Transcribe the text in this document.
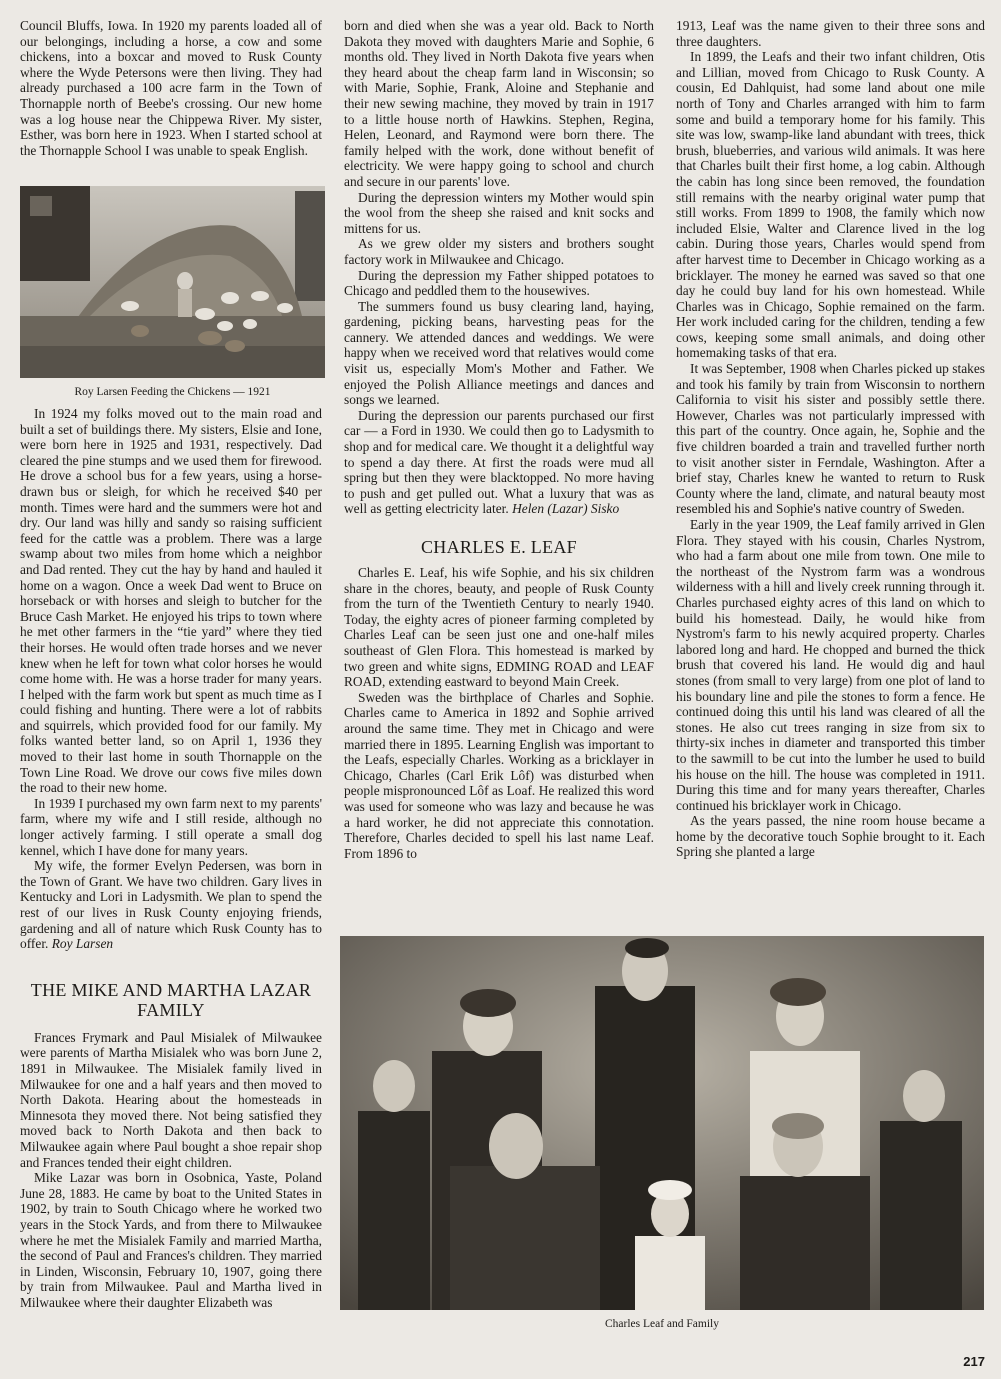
Council Bluffs, Iowa. In 1920 my parents loaded all of our belongings, including a horse, a cow and some chickens, into a boxcar and moved to Rusk County where the Wyde Petersons were then living. They had already purchased a 100 acre farm in the Town of Thornapple north of Beebe's crossing. Our new home was a log house near the Chippewa River. My sister, Esther, was born here in 1923. When I started school at the Thornapple School I was unable to speak English.

Roy Larsen Feeding the Chickens — 1921

In 1924 my folks moved out to the main road and built a set of buildings there. My sisters, Elsie and Ione, were born here in 1925 and 1931, respectively. Dad cleared the pine stumps and we used them for firewood. He drove a school bus for a few years, using a horse-drawn bus or sleigh, for which he received $40 per month. Times were hard and the summers were hot and dry. Our land was hilly and sandy so raising sufficient feed for the cattle was a problem. There was a large swamp about two miles from home which a neighbor and Dad rented. They cut the hay by hand and hauled it home on a wagon. Once a week Dad went to Bruce on horseback or with horses and sleigh to butcher for the Bruce Cash Market. He enjoyed his trips to town where he met other farmers in the “tie yard” where they tied their horses. He would often trade horses and we never knew when he left for town what color horses he would come home with. He was a horse trader for many years. I helped with the farm work but spent as much time as I could fishing and hunting. There were a lot of rabbits and squirrels, which provided food for our family. My folks wanted better land, so on April 1, 1936 they moved to their last home in south Thornapple on the Town Line Road. We drove our cows five miles down the road to their new home.

In 1939 I purchased my own farm next to my parents' farm, where my wife and I still reside, although no longer actively farming. I still operate a small dog kennel, which I have done for many years.

My wife, the former Evelyn Pedersen, was born in the Town of Grant. We have two children. Gary lives in Kentucky and Lori in Ladysmith. We plan to spend the rest of our lives in Rusk County enjoying friends, gardening and all of nature which Rusk County has to offer. Roy Larsen

THE MIKE AND MARTHA LAZAR FAMILY

Frances Frymark and Paul Misialek of Milwaukee were parents of Martha Misialek who was born June 2, 1891 in Milwaukee. The Misialek family lived in Milwaukee for one and a half years and then moved to North Dakota. Hearing about the homesteads in Minnesota they moved there. Not being satisfied they moved back to North Dakota and then back to Milwaukee again where Paul bought a shoe repair shop and Frances tended their eight children.

Mike Lazar was born in Osobnica, Yaste, Poland June 28, 1883. He came by boat to the United States in 1902, by train to South Chicago where he worked two years in the Stock Yards, and from there to Milwaukee where he met the Misialek Family and married Martha, the second of Paul and Frances's children. They married in Linden, Wisconsin, February 10, 1907, going there by train from Milwaukee. Paul and Martha lived in Milwaukee where their daughter Elizabeth was

born and died when she was a year old. Back to North Dakota they moved with daughters Marie and Sophie, 6 months old. They lived in North Dakota five years when they heard about the cheap farm land in Wisconsin; so with Marie, Sophie, Frank, Aloine and Stephanie and their new sewing machine, they moved by train in 1917 to a little house north of Hawkins. Stephen, Regina, Helen, Leonard, and Raymond were born there. The family helped with the work, done without benefit of electricity. We were happy going to school and church and secure in our parents' love.

During the depression winters my Mother would spin the wool from the sheep she raised and knit socks and mittens for us.

As we grew older my sisters and brothers sought factory work in Milwaukee and Chicago.

During the depression my Father shipped potatoes to Chicago and peddled them to the housewives.

The summers found us busy clearing land, haying, gardening, picking beans, harvesting peas for the cannery. We attended dances and weddings. We were happy when we received word that relatives would come visit us, especially Mom's Mother and Father. We enjoyed the Polish Alliance meetings and dances and songs we learned.

During the depression our parents purchased our first car — a Ford in 1930. We could then go to Ladysmith to shop and for medical care. We thought it a delightful way to spend a day there. At first the roads were mud all spring but then they were blacktopped. No more having to push and get pulled out. What a luxury that was as well as getting electricity later. Helen (Lazar) Sisko

CHARLES E. LEAF

Charles E. Leaf, his wife Sophie, and his six children share in the chores, beauty, and people of Rusk County from the turn of the Twentieth Century to nearly 1940. Today, the eighty acres of pioneer farming completed by Charles Leaf can be seen just one and one-half miles southeast of Glen Flora. This homestead is marked by two green and white signs, EDMING ROAD and LEAF ROAD, extending eastward to beyond Main Creek.

Sweden was the birthplace of Charles and Sophie. Charles came to America in 1892 and Sophie arrived around the same time. They met in Chicago and were married there in 1895. Learning English was important to the Leafs, especially Charles. Working as a bricklayer in Chicago, Charles (Carl Erik Lôf) was disturbed when people mispronounced Lôf as Loaf. He realized this word was used for someone who was lazy and because he was a hard worker, he did not appreciate this connotation. Therefore, Charles decided to spell his last name Leaf. From 1896 to

1913, Leaf was the name given to their three sons and three daughters.

In 1899, the Leafs and their two infant children, Otis and Lillian, moved from Chicago to Rusk County. A cousin, Ed Dahlquist, had some land about one mile north of Tony and Charles arranged with him to farm some and build a temporary home for his family. This site was low, swamp-like land abundant with trees, thick brush, blueberries, and various wild animals. It was here that Charles built their first home, a log cabin. Although the cabin has long since been removed, the foundation still remains with the nearby original water pump that still works. From 1899 to 1908, the family which now included Elsie, Walter and Clarence lived in the log cabin. During those years, Charles would spend from after harvest time to December in Chicago working as a bricklayer. The money he earned was saved so that one day he could buy land for his own homestead. While Charles was in Chicago, Sophie remained on the farm. Her work included caring for the children, tending a few cows, keeping some small animals, and doing other homemaking tasks of that era.

It was September, 1908 when Charles picked up stakes and took his family by train from Wisconsin to northern California to visit his sister and possibly settle there. However, Charles was not particularly impressed with this part of the country. Once again, he, Sophie and the five children boarded a train and travelled further north to visit another sister in Ferndale, Washington. After a brief stay, Charles knew he wanted to return to Rusk County where the land, climate, and natural beauty most resembled his and Sophie's native country of Sweden.

Early in the year 1909, the Leaf family arrived in Glen Flora. They stayed with his cousin, Charles Nystrom, who had a farm about one mile from town. One mile to the northeast of the Nystrom farm was a wondrous wilderness with a hill and lively creek running through it. Charles purchased eighty acres of this land on which to build his homestead. Daily, he would hike from Nystrom's farm to his newly acquired property. Charles labored long and hard. He chopped and burned the thick brush that covered his land. He would dig and haul stones (from small to very large) from one plot of land to his boundary line and pile the stones to form a fence. He continued doing this until his land was cleared of all the stones. He also cut trees ranging in size from six to thirty-six inches in diameter and transported this timber to the sawmill to be cut into the lumber he used to build his house on the hill. The house was completed in 1911. During this time and for many years thereafter, Charles continued his bricklayer work in Chicago.

As the years passed, the nine room house became a home by the decorative touch Sophie brought to it. Each Spring she planted a large

Charles Leaf and Family
217
